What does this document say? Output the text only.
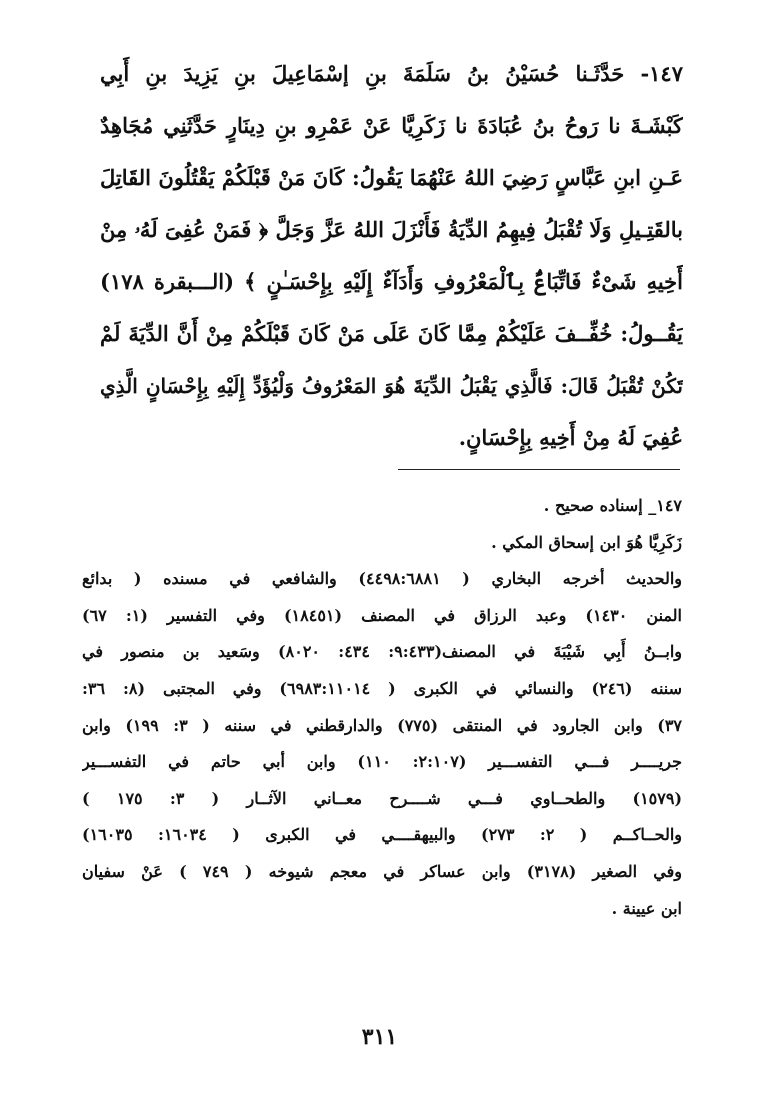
١٤٧- حَدَّثَـنا حُسَيْنُ بنُ سَلَمَةَ بنِ إسْمَاعِيلَ بنِ يَزِيدَ بنِ أَبِي
كَبْشَـةَ نا رَوحُ بنُ عُبَادَةَ نا زَكَرِيَّا عَنْ عَمْرِو بنِ دِينَارٍ حَدَّثَنِي مُجَاهِدٌ
عَـنِ ابنِ عَبَّاسٍ رَضِيَ اللهُ عَنْهُمَا يَقُولُ: كَانَ مَنْ قَبْلَكُمْ يَقْتُلُونَ القَاتِلَ
بالقَتِـيلِ وَلَا تُقْبَلُ فِيهِمُ الدِّيَةُ فَأَنْزَلَ اللهُ عَزَّ وَجَلَّ ﴿ فَمَنْ عُفِىَ لَهُۥ مِنْ
أَخِيهِ شَىْءٌ فَاتِّبَاعٌۢ بِٱلْمَعْرُوفِ وَأَدَآءٌ إِلَيْهِ بِإِحْسَـٰنٍ ﴾ (الـــبقرة ١٧٨)
يَقُــولُ: خُفِّــفَ عَلَيْكُمْ مِمَّا كَانَ عَلَى مَنْ كَانَ قَبْلَكُمْ مِنْ أَنَّ الدِّيَةَ لَمْ
تَكُنْ تُقْبَلُ قَالَ: فَالَّذِي يَقْبَلُ الدِّيَةَ هُوَ المَعْرُوفُ وَلْيُؤَدِّ إِلَيْهِ بِإِحْسَانٍ الَّذِي
عُفِيَ لَهُ مِنْ أَخِيهِ بِإِحْسَانٍ.
١٤٧_ إسناده صحيح .
زَكَرِيَّا هُوَ ابن إسحاق المكي .
والحديث أخرجه البخاري ( ٤٤٩٨:٦٨٨١) والشافعي في مسنده ( بدائع
المنن ١٤٣٠) وعبد الرزاق في المصنف (١٨٤٥١) وفي التفسير (١: ٦٧)
وابــنُ أَبِي شَيْبَةَ في المصنف(٩:٤٣٣: ٤٣٤: ٨٠٢٠) وسَعيد بن منصور في
سننه (٢٤٦) والنسائي في الكبرى ( ٦٩٨٣:١١٠١٤) وفي المجتبى (٨: ٣٦:
٣٧) وابن الجارود في المنتقى (٧٧٥) والدارقطني في سننه ( ٣: ١٩٩) وابن
جريــــر فـــي التفســـير (٢:١٠٧: ١١٠) وابن أبي حاتم في التفســـير
(١٥٧٩) والطحــاوي فـــي شــــرح معــاني الآثــار ( ٣: ١٧٥ )
والحــاكــم ( ٢: ٢٧٣) والبيهقــــي في الكبرى ( ١٦٠٣٤: ١٦٠٣٥)
وفي الصغير (٣١٧٨) وابن عساكر في معجم شيوخه ( ٧٤٩ ) عَنْ سفيان
ابن عيينة .
٣١١
